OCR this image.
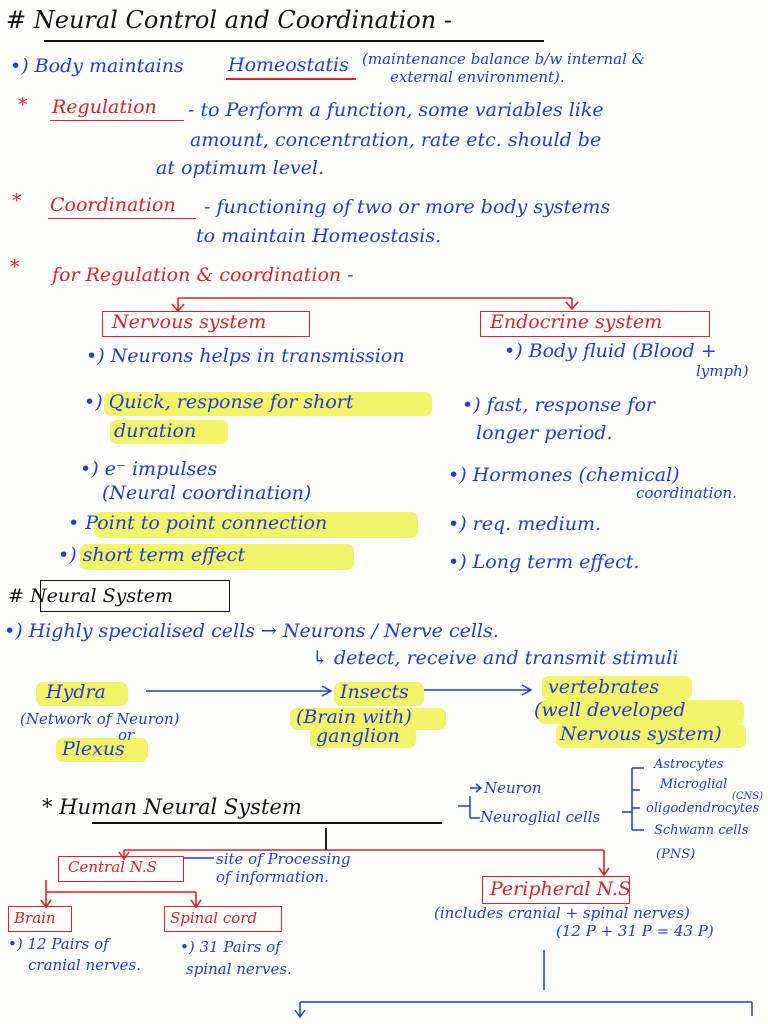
# Neural Control and Coordination -
•) Body maintains Homeostatis (maintenance balance b/w internal &
external environment).
* Regulation - to Perform a function, some variables like
amount, concentration, rate etc. should be
at optimum level.
* Coordination - functioning of two or more body systems
to maintain Homeostasis.
* for Regulation & coordination -
Nervous system	Endocrine system
•) Neurons helps in transmission
•) Quick, response for short
duration
•) e⁻ impulses
(Neural coordination)
• Point to point connection
•) short term effect
•) Body fluid (Blood +
lymph)
•) fast, response for
longer period.
•) Hormones (chemical)
coordination.
•) req. medium.
•) Long term effect.
# Neural System
•) Highly specialised cells → Neurons / Nerve cells.
↳ detect, receive and transmit stimuli
Hydra
(Network of Neuron)
or
Plexus
Insects
(Brain with)
ganglion
vertebrates
(well developed
Nervous system)
* Human Neural System
Neuron
Neuroglial cells
Astrocytes
Microglial
(CNS)
oligodendrocytes
Schwann cells
(PNS)
Central N.S	site of Processing
of information.
Peripheral N.S
(includes cranial + spinal nerves)
(12 P + 31 P = 43 P)
Brain
•) 12 Pairs of
cranial nerves.
Spinal cord
•) 31 Pairs of
spinal nerves.
